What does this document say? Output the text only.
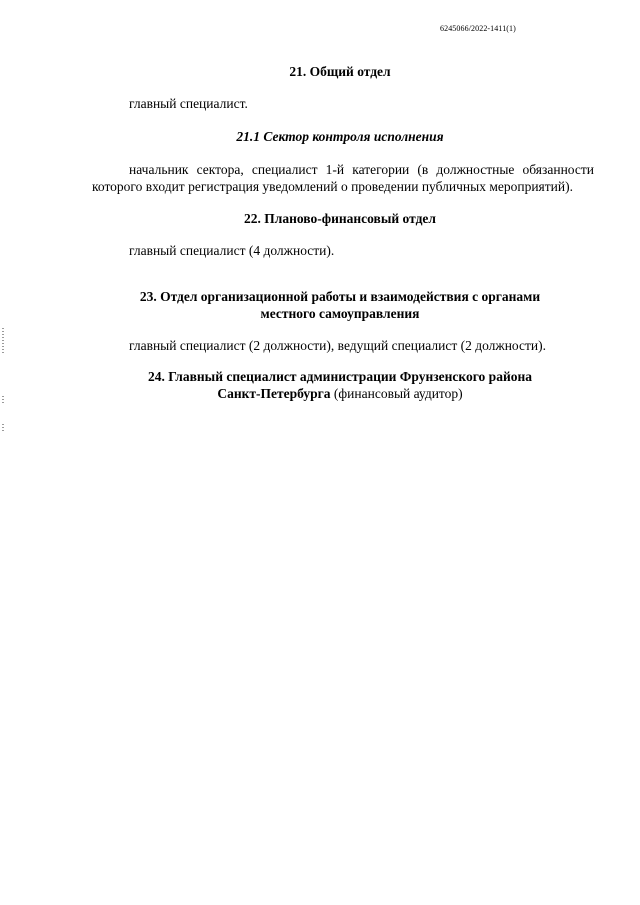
6245066/2022-1411(1)
21. Общий отдел
главный специалист.
21.1 Сектор контроля исполнения
начальник сектора, специалист 1-й категории (в должностные обязанности
которого входит регистрация уведомлений о проведении публичных мероприятий).
22. Планово-финансовый отдел
главный специалист (4 должности).
23. Отдел организационной работы и взаимодействия с органами
местного самоуправления
главный специалист (2 должности), ведущий специалист (2 должности).
24. Главный специалист администрации Фрунзенского района
Санкт-Петербурга (финансовый аудитор)
